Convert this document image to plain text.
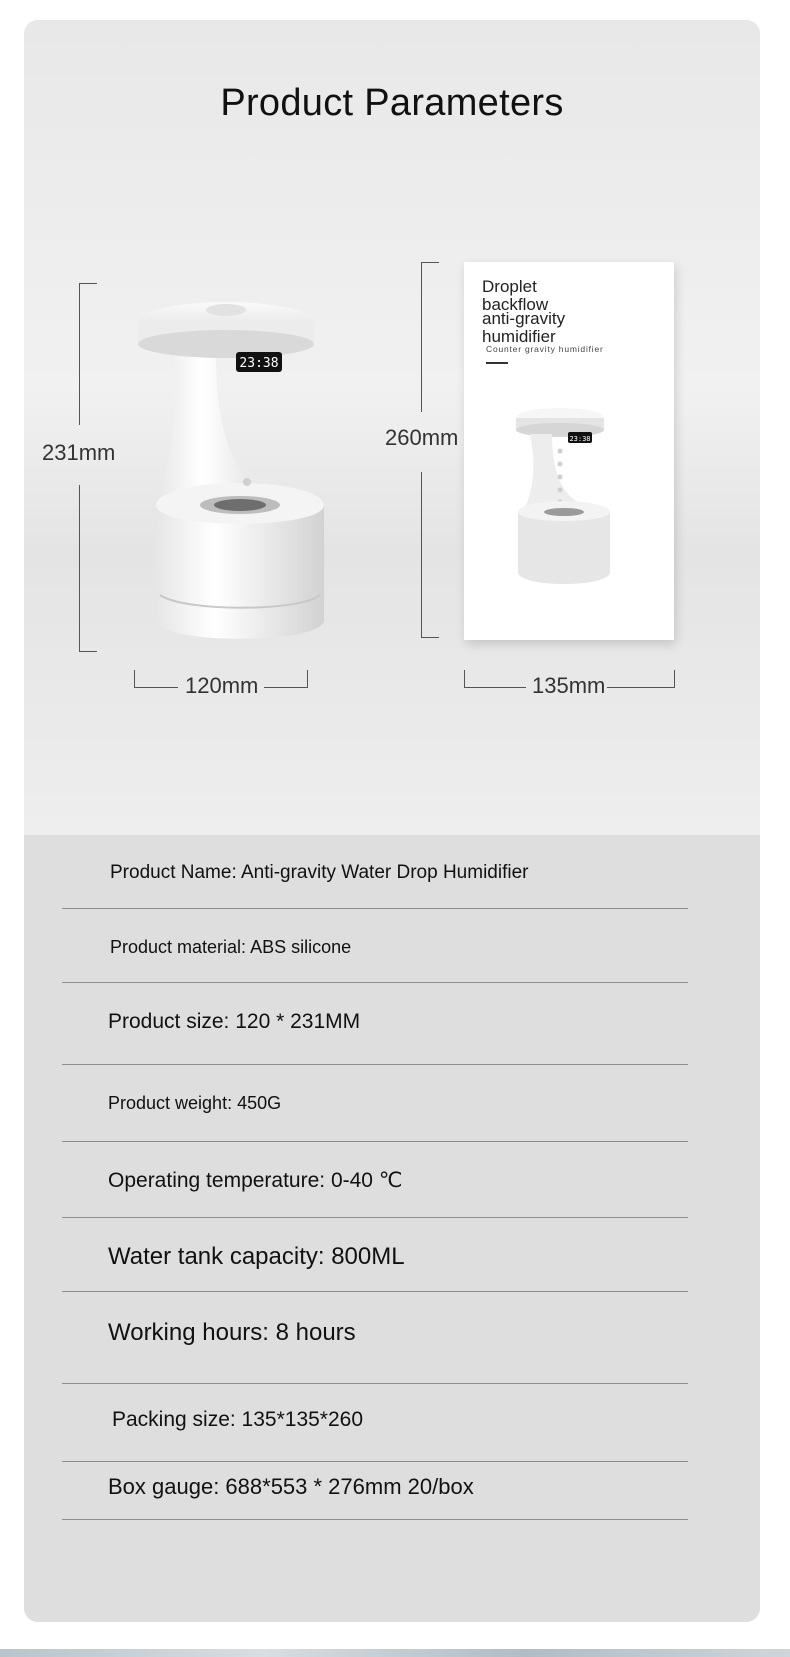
Product Parameters
231mm
120mm
23:38
260mm
Droplet
backflow
anti-gravity
humidifier
Counter gravity humidifier
23:38
135mm
Product Name: Anti-gravity Water Drop Humidifier
Product material: ABS silicone
Product size: 120 * 231MM
Product weight: 450G
Operating temperature: 0-40 ℃
Water tank capacity: 800ML
Working hours: 8 hours
Packing size: 135*135*260
Box gauge: 688*553 * 276mm 20/box
